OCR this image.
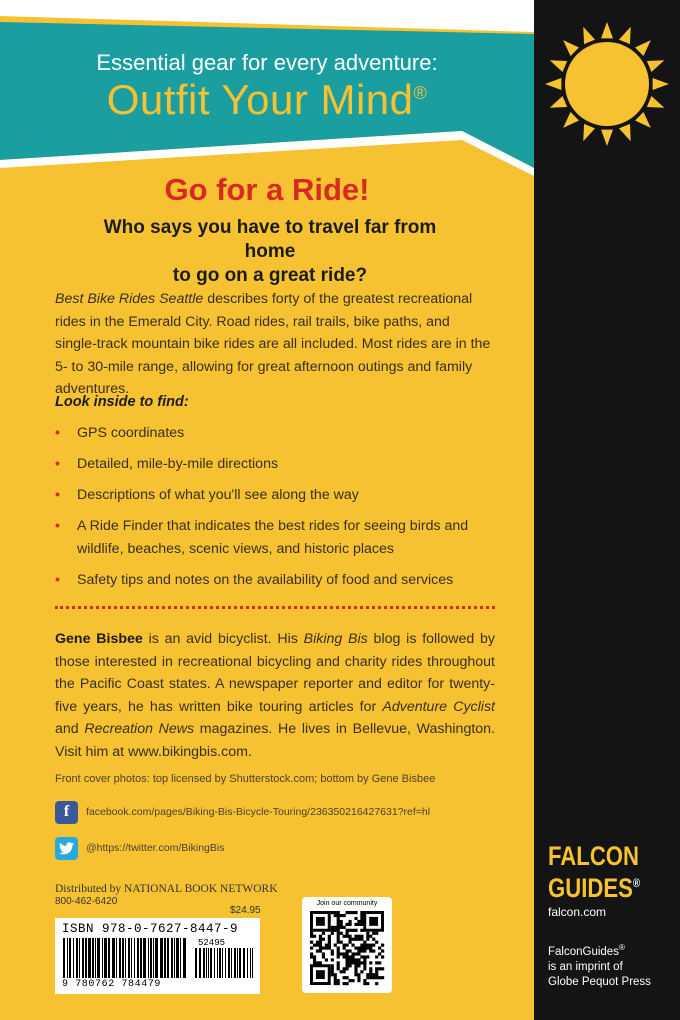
Essential gear for every adventure:
Outfit Your Mind®
FALCON
GUIDES®
falcon.com
FalconGuides®
is an imprint of
Globe Pequot Press
Go for a Ride!
Who says you have to travel far from home
to go on a great ride?
Best Bike Rides Seattle describes forty of the greatest recreational rides in the Emerald City. Road rides, rail trails, bike paths, and single-track mountain bike rides are all included. Most rides are in the 5- to 30-mile range, allowing for great afternoon outings and family adventures.
Look inside to find:
• GPS coordinates
• Detailed, mile-by-mile directions
• Descriptions of what you'll see along the way
• A Ride Finder that indicates the best rides for seeing birds and wildlife, beaches, scenic views, and historic places
• Safety tips and notes on the availability of food and services
Gene Bisbee is an avid bicyclist. His Biking Bis blog is followed by those interested in recreational bicycling and charity rides throughout the Pacific Coast states. A newspaper reporter and editor for twenty-five years, he has written bike touring articles for Adventure Cyclist and Recreation News magazines. He lives in Bellevue, Washington. Visit him at www.bikingbis.com.
Front cover photos: top licensed by Shutterstock.com; bottom by Gene Bisbee
f	facebook.com/pages/Biking-Bis-Bicycle-Touring/236350216427631?ref=hl
@https://twitter.com/BikingBis
Distributed by NATIONAL BOOK NETWORK
800-462-6420
$24.95
ISBN 978-0-7627-8447-9
52495
9 780762 784479
Join our community
